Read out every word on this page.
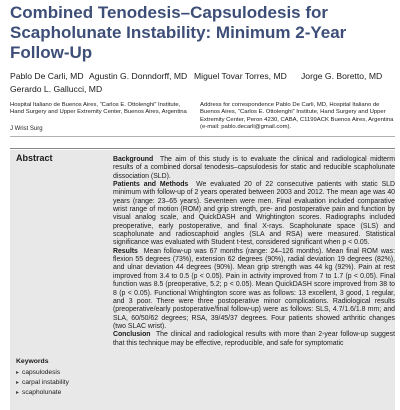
Combined Tenodesis–Capsulodesis for Scapholunate Instability: Minimum 2-Year Follow-Up
Pablo De Carli, MD Agustin G. Donndorff, MD Miguel Tovar Torres, MD Jorge G. Boretto, MD
Gerardo L. Gallucci, MD
Hospital Italiano de Buenos Aires, “Carlos E. Ottolenghi” Institute, Hand Surgery and Upper Extremity Center, Buenos Aires, Argentina
Address for correspondence Pablo De Carli, MD, Hospital Italiano de Buenos Aires, “Carlos E. Ottolenghi” Institute, Hand Surgery and Upper Extremity Center, Peron 4230, CABA, C1199ACK Buenos Aires, Argentina (e-mail: pablo.decarli@gmail.com).
J Wrist Surg
Abstract	Background The aim of this study is to evaluate the clinical and radiological midterm results of a combined dorsal tenodesis–capsulodesis for static and reducible scapholunate dissociation (SLD).
Patients and Methods We evaluated 20 of 22 consecutive patients with static SLD minimum with follow-up of 2 years operated between 2003 and 2012. The mean age was 40 years (range: 23–65 years). Seventeen were men. Final evaluation included comparative wrist range of motion (ROM) and grip strength, pre- and postoperative pain and function by visual analog scale, and QuickDASH and Wrightington scores. Radiographs included preoperative, early postoperative, and final X-rays. Scapholunate space (SLS) and scapholunate and radioscaphoid angles (SLA and RSA) were measured. Statistical significance was evaluated with Student t-test, considered significant when p < 0.05.
Results Mean follow-up was 67 months (range: 24–126 months). Mean final ROM was: flexion 55 degrees (73%), extension 62 degrees (90%), radial deviation 19 degrees (82%), and ulnar deviation 44 degrees (90%). Mean grip strength was 44 kg (92%). Pain at rest improved from 3.4 to 0.5 (p < 0.05). Pain in activity improved from 7 to 1.7 (p < 0.05). Final function was 8.5 (preoperative, 5.2; p < 0.05). Mean QuickDASH score improved from 38 to 8 (p < 0.05). Functional Wrightington score was as follows: 13 excellent, 3 good, 1 regular, and 3 poor. There were three postoperative minor complications. Radiological results (preoperative/early postoperative/final follow-up) were as follows: SLS, 4.7/1.6/1.8 mm; and SLA, 60/50/62 degrees; RSA, 39/45/37 degrees. Four patients showed arthritic changes (two SLAC wrist).
Conclusion The clinical and radiological results with more than 2-year follow-up suggest that this technique may be effective, reproducible, and safe for symptomatic

Keywords
▸ capsulodesis
▸ carpal instability
▸ scapholunate
